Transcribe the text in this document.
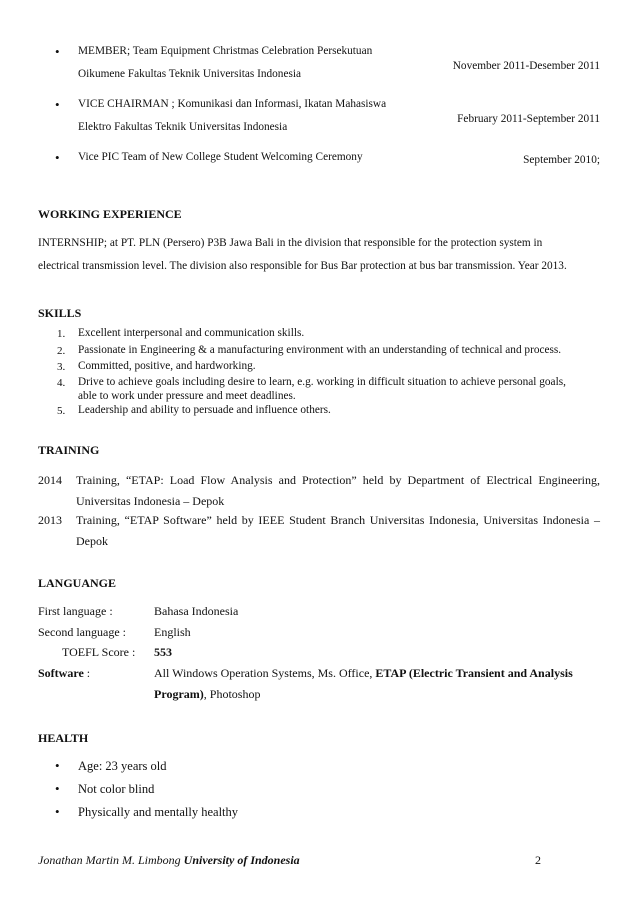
• MEMBER; Team Equipment Christmas Celebration Persekutuan
Oikumene Fakultas Teknik Universitas Indonesia
November 2011-Desember 2011
• VICE CHAIRMAN ; Komunikasi dan Informasi, Ikatan Mahasiswa
Elektro Fakultas Teknik Universitas Indonesia
February 2011-September 2011
• Vice PIC Team of New College Student Welcoming Ceremony	September 2010;
WORKING EXPERIENCE
INTERNSHIP; at PT. PLN (Persero) P3B Jawa Bali in the division that responsible for the protection system in
electrical transmission level. The division also responsible for Bus Bar protection at bus bar transmission. Year 2013.
SKILLS
1. Excellent interpersonal and communication skills.
2. Passionate in Engineering & a manufacturing environment with an understanding of technical and process.
3. Committed, positive, and hardworking.
4. Drive to achieve goals including desire to learn, e.g. working in difficult situation to achieve personal goals,
able to work under pressure and meet deadlines.
5. Leadership and ability to persuade and influence others.
TRAINING
2014 Training, “ETAP: Load Flow Analysis and Protection” held by Department of Electrical Engineering,
Universitas Indonesia – Depok
2013 Training, “ETAP Software” held by IEEE Student Branch Universitas Indonesia, Universitas Indonesia –
Depok
LANGUANGE
First language :	Bahasa Indonesia
Second language : English
TOEFL Score : 553
Software :	All Windows Operation Systems, Ms. Office, ETAP (Electric Transient and Analysis
Program), Photoshop
HEALTH
• Age: 23 years old
• Not color blind
• Physically and mentally healthy
Jonathan Martin M. Limbong University of Indonesia	2
